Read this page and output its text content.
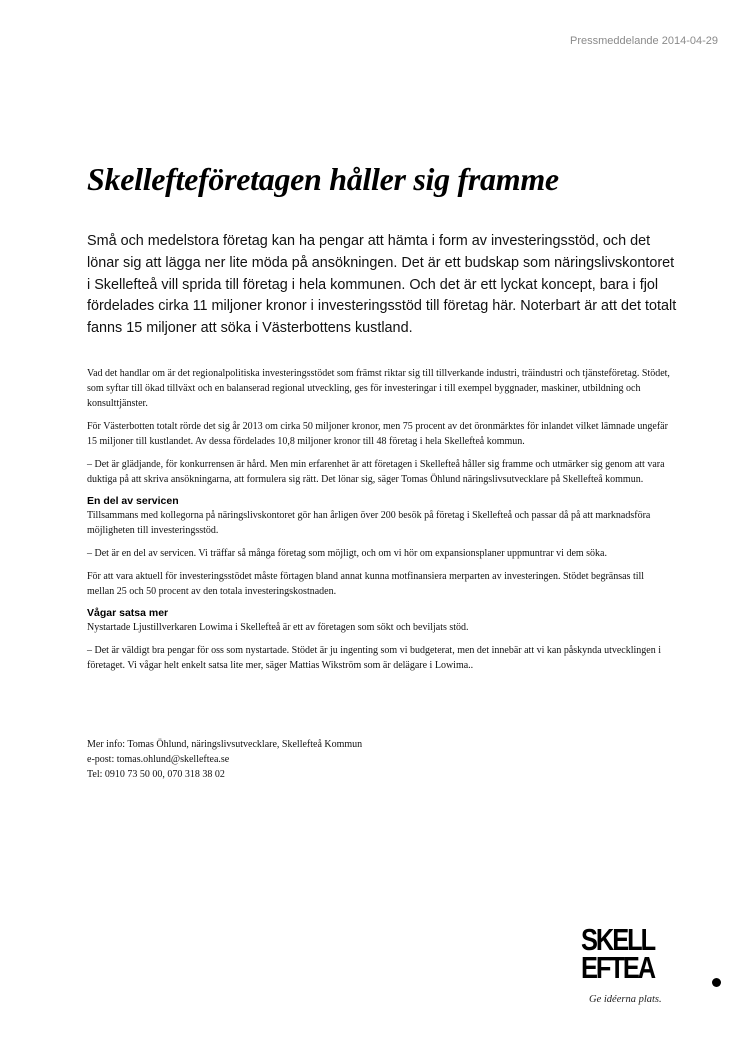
Pressmeddelande 2014-04-29
Skellefteföretagen håller sig framme

Små och medelstora företag kan ha pengar att hämta i form av investeringsstöd, och det lönar sig att lägga ner lite möda på ansökningen. Det är ett budskap som näringslivskontoret i Skellefteå vill sprida till företag i hela kommunen. Och det är ett lyckat koncept, bara i fjol fördelades cirka 11 miljoner kronor i investeringsstöd till företag här. Noterbart är att det totalt fanns 15 miljoner att söka i Västerbottens kustland.

Vad det handlar om är det regionalpolitiska investeringsstödet som främst riktar sig till tillverkande industri, träindustri och tjänsteföretag. Stödet, som syftar till ökad tillväxt och en balanserad regional utveckling, ges för investeringar i till exempel byggnader, maskiner, utbildning och konsulttjänster.

För Västerbotten totalt rörde det sig år 2013 om cirka 50 miljoner kronor, men 75 procent av det öronmärktes för inlandet vilket lämnade ungefär 15 miljoner till kustlandet. Av dessa fördelades 10,8 miljoner kronor till 48 företag i hela Skellefteå kommun.

– Det är glädjande, för konkurrensen är hård. Men min erfarenhet är att företagen i Skellefteå håller sig framme och utmärker sig genom att vara duktiga på att skriva ansökningarna, att formulera sig rätt. Det lönar sig, säger Tomas Öhlund näringslivsutvecklare på Skellefteå kommun.

En del av servicen

Tillsammans med kollegorna på näringslivskontoret gör han årligen över 200 besök på företag i Skellefteå och passar då på att marknadsföra möjligheten till investeringsstöd.

– Det är en del av servicen. Vi träffar så många företag som möjligt, och om vi hör om expansionsplaner uppmuntrar vi dem söka.

För att vara aktuell för investeringsstödet måste förtagen bland annat kunna motfinansiera merparten av investeringen. Stödet begränsas till mellan 25 och 50 procent av den totala investeringskostnaden.

Vågar satsa mer

Nystartade Ljustillverkaren Lowima i Skellefteå är ett av företagen som sökt och beviljats stöd.

– Det är väldigt bra pengar för oss som nystartade. Stödet är ju ingenting som vi budgeterat, men det innebär att vi kan påskynda utvecklingen i företaget. Vi vågar helt enkelt satsa lite mer, säger Mattias Wikström som är delägare i Lowima..

Mer info: Tomas Öhlund, näringslivsutvecklare, Skellefteå Kommun
e-post: tomas.ohlund@skelleftea.se
Tel: 0910 73 50 00, 070 318 38 02
SKELL
EFTEA
Ge idéerna plats.
